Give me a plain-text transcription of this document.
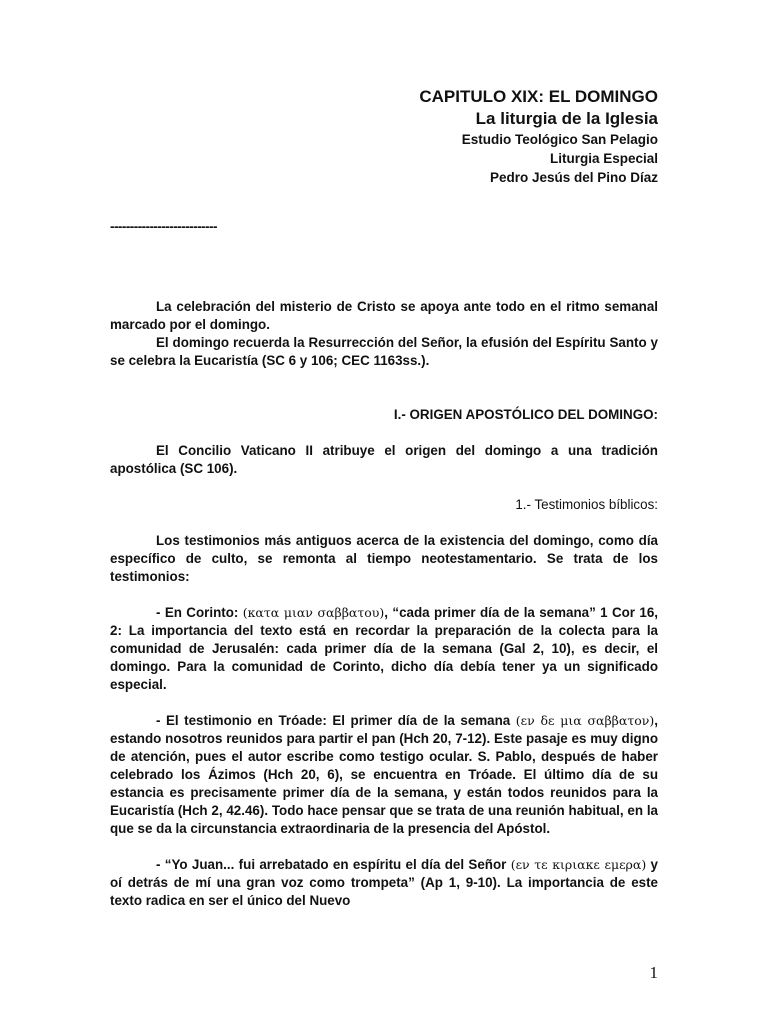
CAPITULO XIX: EL DOMINGO
La liturgia de la Iglesia
Estudio Teológico San Pelagio
Liturgia Especial
Pedro Jesús del Pino Díaz
---------------------------

La celebración del misterio de Cristo se apoya ante todo en el ritmo semanal marcado por el domingo.

El domingo recuerda la Resurrección del Señor, la efusión del Espíritu Santo y se celebra la Eucaristía (SC 6 y 106; CEC 1163ss.).

I.- ORIGEN APOSTÓLICO DEL DOMINGO:

El Concilio Vaticano II atribuye el origen del domingo a una tradición apostólica (SC 106).

1.- Testimonios bíblicos:

Los testimonios más antiguos acerca de la existencia del domingo, como día específico de culto, se remonta al tiempo neotestamentario. Se trata de los testimonios:

- En Corinto: (κατα μιαν σαββατου), “cada primer día de la semana” 1 Cor 16, 2: La importancia del texto está en recordar la preparación de la colecta para la comunidad de Jerusalén: cada primer día de la semana (Gal 2, 10), es decir, el domingo. Para la comunidad de Corinto, dicho día debía tener ya un significado especial.

- El testimonio en Tróade: El primer día de la semana (εν δε μια σαββατον), estando nosotros reunidos para partir el pan (Hch 20, 7-12). Este pasaje es muy digno de atención, pues el autor escribe como testigo ocular. S. Pablo, después de haber celebrado los Ázimos (Hch 20, 6), se encuentra en Tróade. El último día de su estancia es precisamente primer día de la semana, y están todos reunidos para la Eucaristía (Hch 2, 42.46). Todo hace pensar que se trata de una reunión habitual, en la que se da la circunstancia extraordinaria de la presencia del Apóstol.

- “Yo Juan... fui arrebatado en espíritu el día del Señor (εν τε κιριακε εμερα) y oí detrás de mí una gran voz como trompeta” (Ap 1, 9-10). La importancia de este texto radica en ser el único del Nuevo

1
